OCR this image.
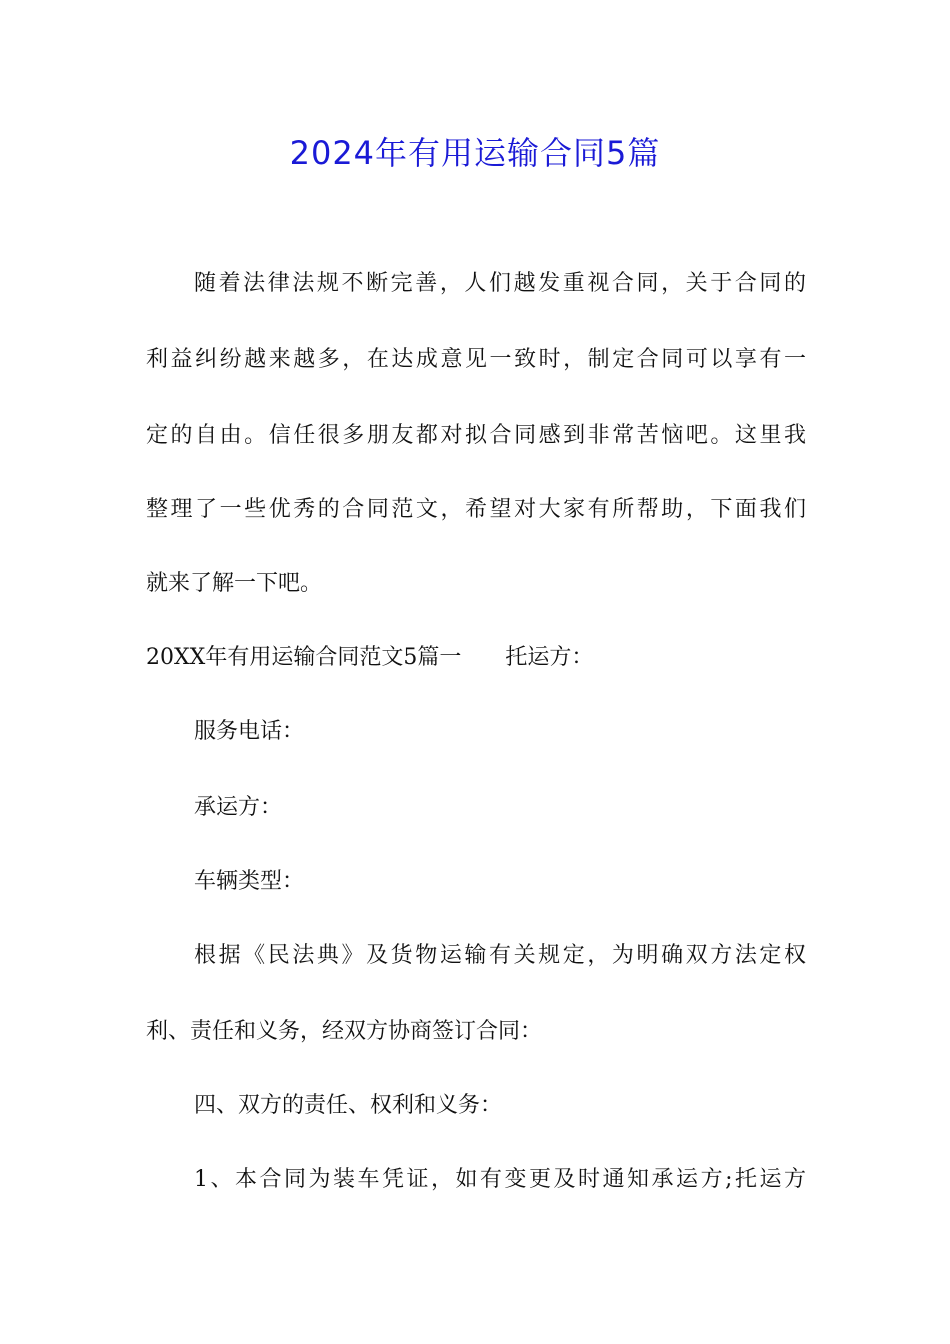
2024年有用运输合同5篇
随着法律法规不断完善，人们越发重视合同，关于合同的
利益纠纷越来越多，在达成意见一致时，制定合同可以享有一
定的自由。信任很多朋友都对拟合同感到非常苦恼吧。这里我
整理了一些优秀的合同范文，希望对大家有所帮助，下面我们
就来了解一下吧。
20XX年有用运输合同范文5篇一　　托运方：
服务电话：
承运方：
车辆类型：
根据《民法典》及货物运输有关规定，为明确双方法定权
利、责任和义务，经双方协商签订合同：
四、双方的责任、权利和义务：
1、本合同为装车凭证，如有变更及时通知承运方;托运方
